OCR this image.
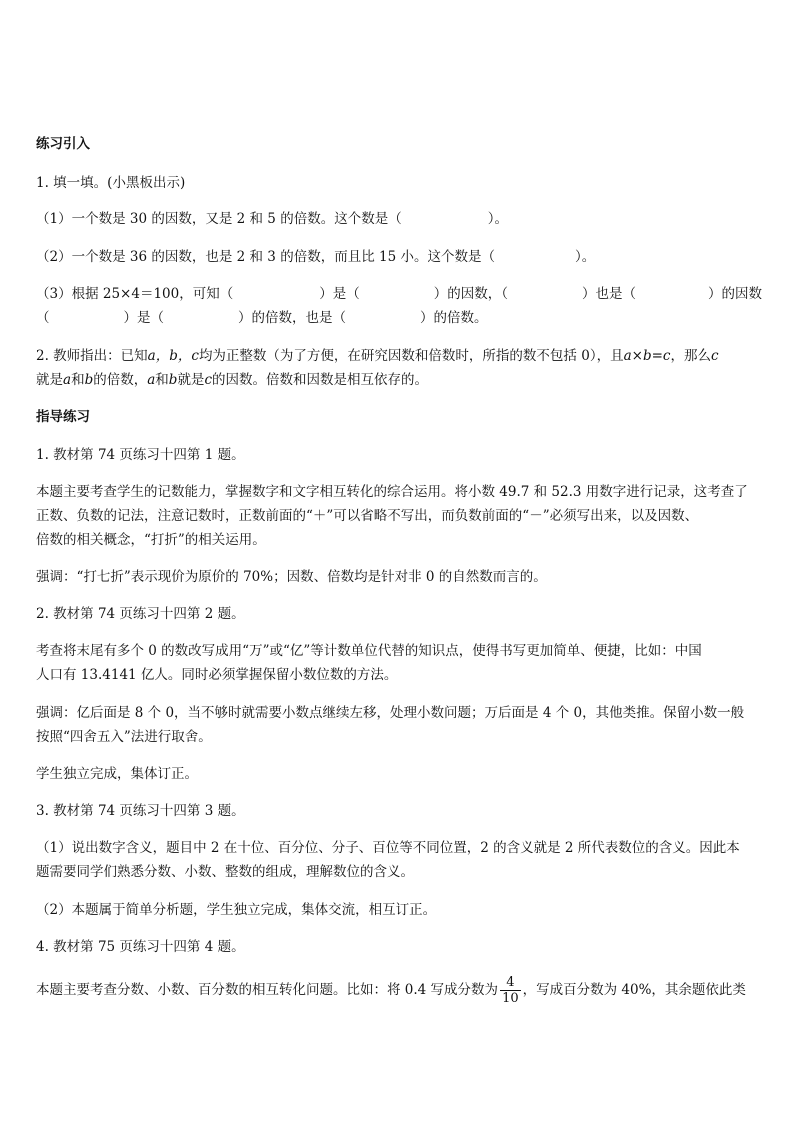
练习引入
1. 填一填。(小黑板出示)
（1）一个数是 30 的因数，又是 2 和 5 的倍数。这个数是（	）。
（2）一个数是 36 的因数，也是 2 和 3 的倍数，而且比 15 小。这个数是（	）。
（3）根据 25×4＝100，可知（	）是（	）的因数，（	）也是（	）的因数
（	）是（	）的倍数，也是（	）的倍数。
2. 教师指出：已知a，b，c均为正整数（为了方便，在研究因数和倍数时，所指的数不包括 0），且a×b=c，那么c
就是a和b的倍数，a和b就是c的因数。倍数和因数是相互依存的。
指导练习
1. 教材第 74 页练习十四第 1 题。
本题主要考查学生的记数能力，掌握数字和文字相互转化的综合运用。将小数 49.7 和 52.3 用数字进行记录，这考查了
正数、负数的记法，注意记数时，正数前面的“＋”可以省略不写出，而负数前面的“－”必须写出来，以及因数、
倍数的相关概念，“打折”的相关运用。
强调：“打七折”表示现价为原价的 70%；因数、倍数均是针对非 0 的自然数而言的。
2. 教材第 74 页练习十四第 2 题。
考查将末尾有多个 0 的数改写成用“万”或“亿”等计数单位代替的知识点，使得书写更加简单、便捷，比如：中国
人口有 13.4141 亿人。同时必须掌握保留小数位数的方法。
强调：亿后面是 8 个 0，当不够时就需要小数点继续左移，处理小数问题；万后面是 4 个 0，其他类推。保留小数一般
按照“四舍五入”法进行取舍。
学生独立完成，集体订正。
3. 教材第 74 页练习十四第 3 题。
（1）说出数字含义，题目中 2 在十位、百分位、分子、百位等不同位置，2 的含义就是 2 所代表数位的含义。因此本
题需要同学们熟悉分数、小数、整数的组成，理解数位的含义。
（2）本题属于简单分析题，学生独立完成，集体交流，相互订正。
4. 教材第 75 页练习十四第 4 题。
本题主要考查分数、小数、百分数的相互转化问题。比如：将 0.4 写成分数为 $\frac{4}{10}$ ，写成百分数为 40%，其余题依此类
